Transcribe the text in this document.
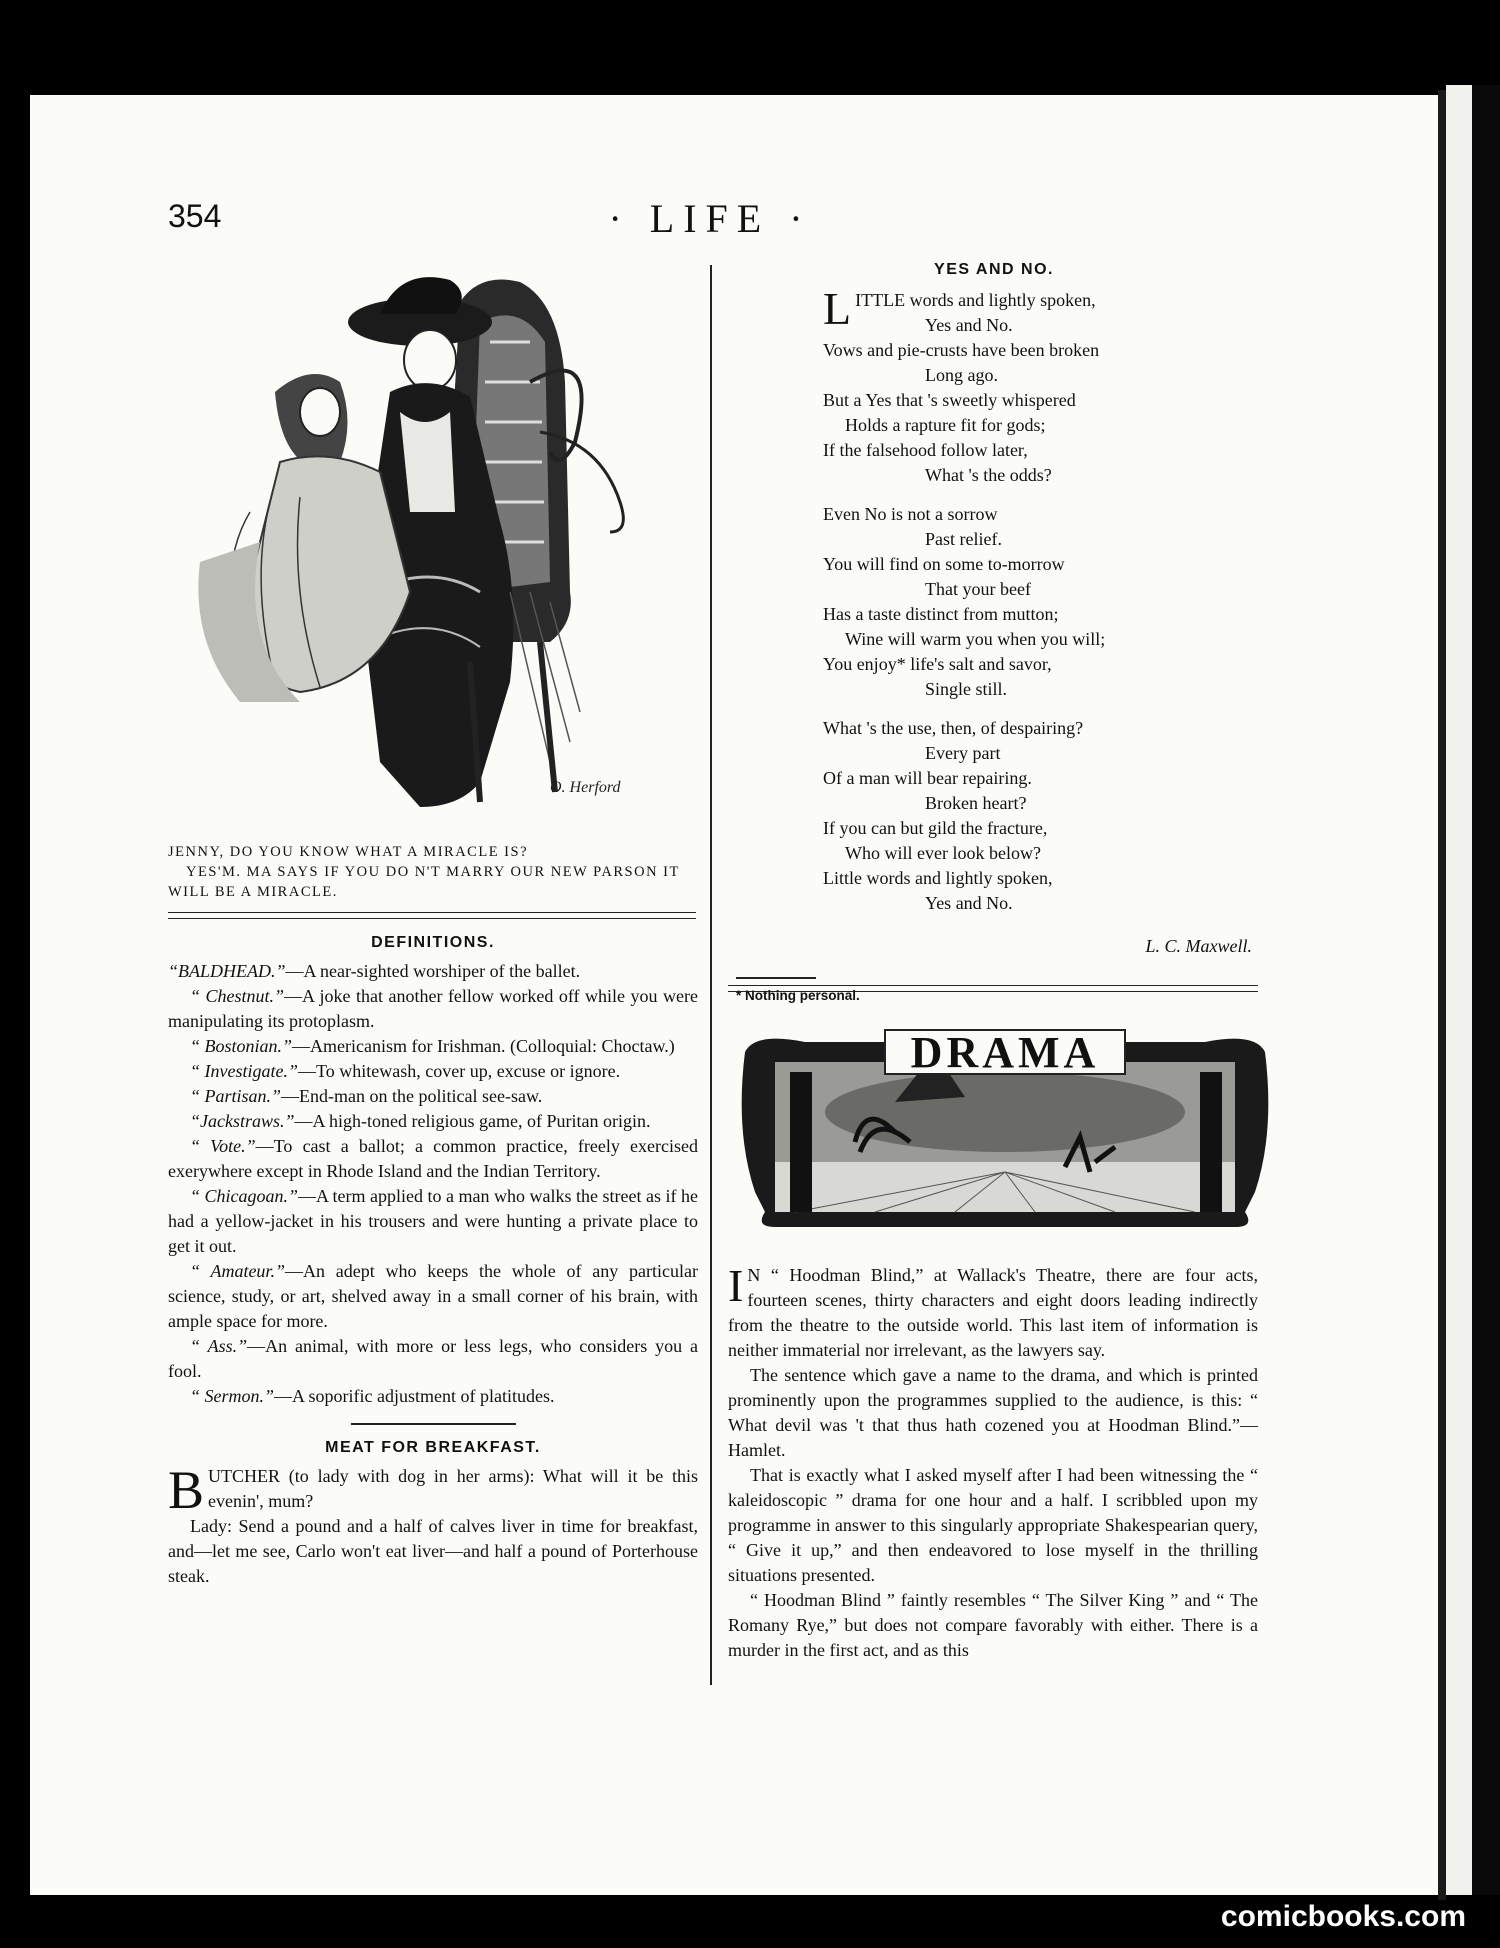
354	· LIFE ·
O. Herford

JENNY, DO YOU KNOW WHAT A MIRACLE IS?

YES'M. MA SAYS IF YOU DO N'T MARRY OUR NEW PARSON IT WILL BE A MIRACLE.

DEFINITIONS.

“BALDHEAD.”—A near-sighted worshiper of the ballet.

“ Chestnut.”—A joke that another fellow worked off while you were manipulating its protoplasm.

“ Bostonian.”—Americanism for Irishman. (Colloquial: Choctaw.)

“ Investigate.”—To whitewash, cover up, excuse or ignore.

“ Partisan.”—End-man on the political see-saw.

“Jackstraws.”—A high-toned religious game, of Puritan origin.

“ Vote.”—To cast a ballot; a common practice, freely exercised exerywhere except in Rhode Island and the Indian Territory.

“ Chicagoan.”—A term applied to a man who walks the street as if he had a yellow-jacket in his trousers and were hunting a private place to get it out.

“ Amateur.”—An adept who keeps the whole of any particular science, study, or art, shelved away in a small corner of his brain, with ample space for more.

“ Ass.”—An animal, with more or less legs, who considers you a fool.

“ Sermon.”—A soporific adjustment of platitudes.

MEAT FOR BREAKFAST.

BUTCHER (to lady with dog in her arms): What will it be this evenin', mum?

Lady: Send a pound and a half of calves liver in time for breakfast, and—let me see, Carlo won't eat liver—and half a pound of Porterhouse steak.

YES AND NO.

LITTLE words and lightly spoken,

Yes and No.

Vows and pie-crusts have been broken

Long ago.

But a Yes that 's sweetly whispered

Holds a rapture fit for gods;

If the falsehood follow later,

What 's the odds?

Even No is not a sorrow

Past relief.

You will find on some to-morrow

That your beef

Has a taste distinct from mutton;

Wine will warm you when you will;

You enjoy* life's salt and savor,

Single still.

What 's the use, then, of despairing?

Every part

Of a man will bear repairing.

Broken heart?

If you can but gild the fracture,

Who will ever look below?

Little words and lightly spoken,

Yes and No.

L. C. Maxwell.

* Nothing personal.

DRAMA

I N “ Hoodman Blind,” at Wallack's Theatre, there are four acts, fourteen scenes, thirty characters and eight doors leading indirectly from the theatre to the outside world. This last item of information is neither immaterial nor irrelevant, as the lawyers say.

The sentence which gave a name to the drama, and which is printed prominently upon the programmes supplied to the audience, is this: “ What devil was 't that thus hath cozened you at Hoodman Blind.”—Hamlet.

That is exactly what I asked myself after I had been witnessing the “ kaleidoscopic ” drama for one hour and a half. I scribbled upon my programme in answer to this singularly appropriate Shakespearian query, “ Give it up,” and then endeavored to lose myself in the thrilling situations presented.

“ Hoodman Blind ” faintly resembles “ The Silver King ” and “ The Romany Rye,” but does not compare favorably with either. There is a murder in the first act, and as this

comicbooks.com
